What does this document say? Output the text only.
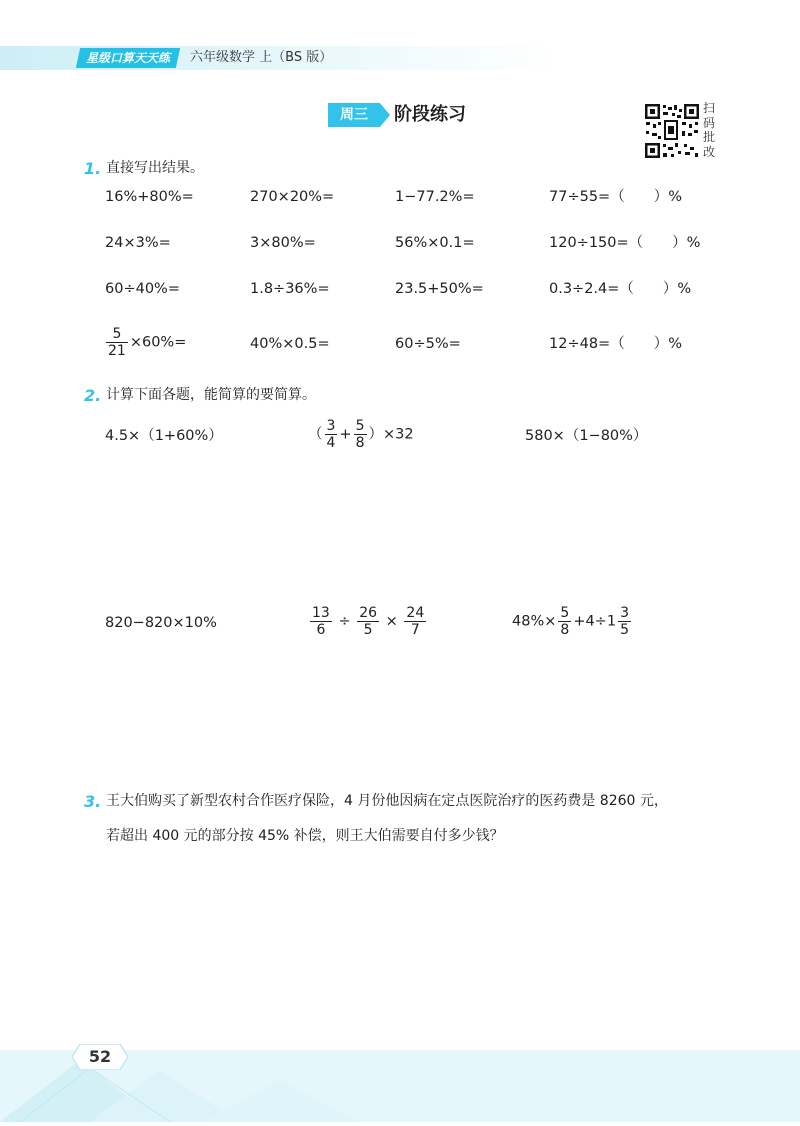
星级口算天天练	六年级数学 上（BS 版）
周三	阶段练习	扫
码
批
改
1. 直接写出结果。
16%+80%=	270×20%=	1−77.2%=	77÷55=（　　）%
24×3%=	3×80%=	56%×0.1=	120÷150=（　　）%
60÷40%=	1.8÷36%=	23.5+50%=	0.3÷2.4=（　　）%
$\frac{5}{21} \times 60\%=$	40%×0.5=	60÷5%=	12÷48=（　　）%
2. 计算下面各题，能简算的要简算。
4.5×（1+60%）	（ $\frac{3}{4} + \frac{5}{8} )\times 32$	580×（1−80%）
820−820×10%	$\frac{13}{6} \div \frac{26}{5} \times \frac{24}{7}$	$48\%\times \frac{5}{8} +4\div 1 \frac{3}{5}$
3. 王大伯购买了新型农村合作医疗保险，4 月份他因病在定点医院治疗的医药费是 8260 元，
若超出 400 元的部分按 45% 补偿，则王大伯需要自付多少钱？
52
